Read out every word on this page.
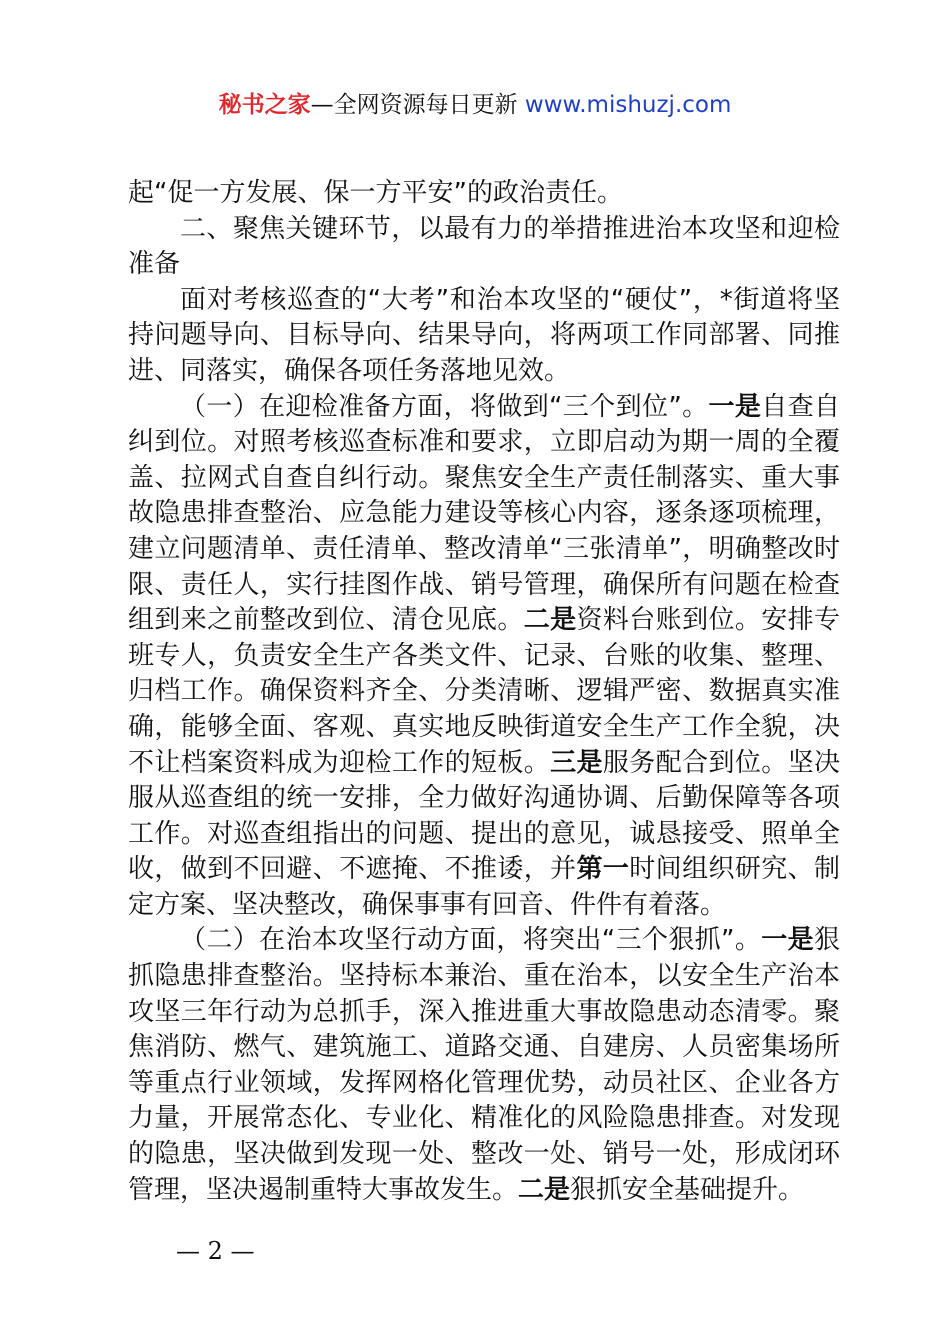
秘书之家—全网资源每日更新 www.mishuzj.com

起“促一方发展、保一方平安”的政治责任。

二、聚焦关键环节，以最有力的举措推进治本攻坚和迎检准备

面对考核巡查的“大考”和治本攻坚的“硬仗”，*街道将坚持问题导向、目标导向、结果导向，将两项工作同部署、同推进、同落实，确保各项任务落地见效。

（一）在迎检准备方面，将做到“三个到位”。一是自查自纠到位。对照考核巡查标准和要求，立即启动为期一周的全覆盖、拉网式自查自纠行动。聚焦安全生产责任制落实、重大事故隐患排查整治、应急能力建设等核心内容，逐条逐项梳理，建立问题清单、责任清单、整改清单“三张清单”，明确整改时限、责任人，实行挂图作战、销号管理，确保所有问题在检查组到来之前整改到位、清仓见底。二是资料台账到位。安排专班专人，负责安全生产各类文件、记录、台账的收集、整理、归档工作。确保资料齐全、分类清晰、逻辑严密、数据真实准确，能够全面、客观、真实地反映街道安全生产工作全貌，决不让档案资料成为迎检工作的短板。三是服务配合到位。坚决服从巡查组的统一安排，全力做好沟通协调、后勤保障等各项工作。对巡查组指出的问题、提出的意见，诚恳接受、照单全收，做到不回避、不遮掩、不推诿，并第一时间组织研究、制定方案、坚决整改，确保事事有回音、件件有着落。

（二）在治本攻坚行动方面，将突出“三个狠抓”。一是狠抓隐患排查整治。坚持标本兼治、重在治本，以安全生产治本攻坚三年行动为总抓手，深入推进重大事故隐患动态清零。聚焦消防、燃气、建筑施工、道路交通、自建房、人员密集场所等重点行业领域，发挥网格化管理优势，动员社区、企业各方力量，开展常态化、专业化、精准化的风险隐患排查。对发现的隐患，坚决做到发现一处、整改一处、销号一处，形成闭环管理，坚决遏制重特大事故发生。二是狠抓安全基础提升。

— 2 —
